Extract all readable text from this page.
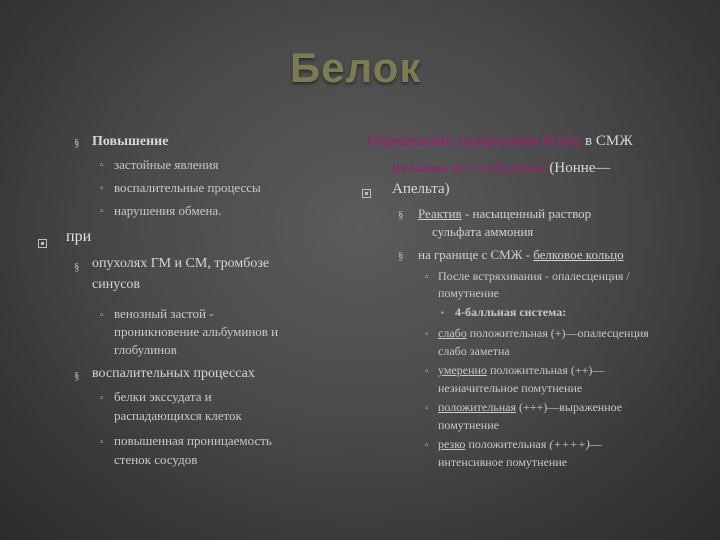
Белок
§ Повышение
▫ застойные явления
▫ воспалительные процессы
▫ нарушения обмена.
при
§ опухолях ГМ и СМ, тромбозе
синусов
▫ венозный застой -
проникновение альбуминов и
глобулинов
§ воспалительных процессах
▫ белки экссудата и
распадающихся клеток
▫ повышенная проницаемость
стенок сосудов
Определение содержания белка в СМЖ
реакция на глобулины (Нонне—
Апельта)
§ Реактив - насыщенный раствор
сульфата аммония
§ на границе с СМЖ - белковое кольцо
▫ После встряхивания - опалесценция /
помутнение
▪ 4-балльная система:
▫ слабо положительная (+)—опалесценция
слабо заметна
▫ умеренно положительная (++)—
незначительное помутнение
▫ положительная (+++)—выраженное
помутнение
▫ резко положительная (++++)—
интенсивное помутнение
